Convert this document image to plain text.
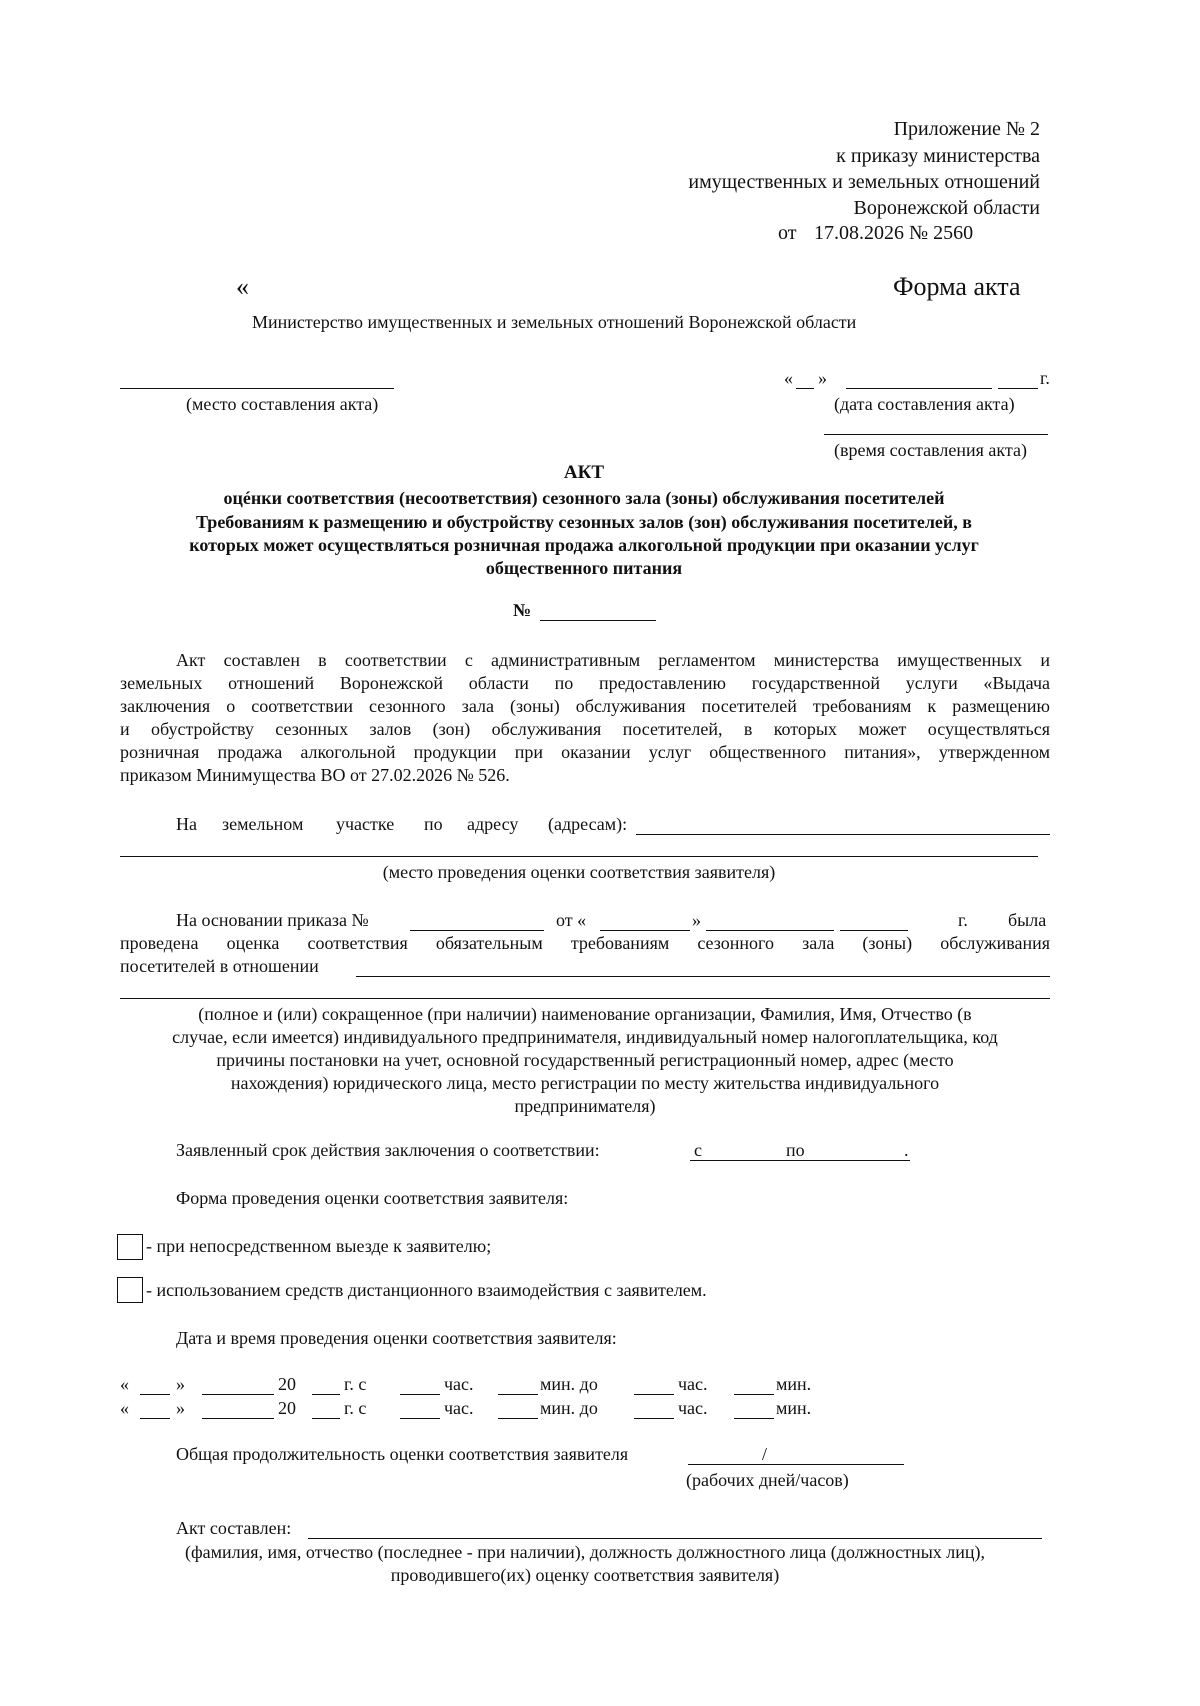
Приложение № 2
к приказу министерства
имущественных и земельных отношений
Воронежской области
от 17.08.2026 № 2560
«	Форма акта
Министерство имущественных и земельных отношений Воронежской области
(место составления акта)
« »	г.
(дата составления акта)
(время составления акта)
АКТ
оцéнки соответствия (несоответствия) сезонного зала (зоны) обслуживания посетителей
Требованиям к размещению и обустройству сезонных залов (зон) обслуживания посетителей, в
которых может осуществляться розничная продажа алкогольной продукции при оказании услуг
общественного питания
№
Акт составлен в соответствии с административным регламентом министерства имущественных и
земельных отношений Воронежской области по предоставлению государственной услуги «Выдача
заключения о соответствии сезонного зала (зоны) обслуживания посетителей требованиям к размещению
и обустройству сезонных залов (зон) обслуживания посетителей, в которых может осуществляться
розничная продажа алкогольной продукции при оказании услуг общественного питания», утвержденном
приказом Минимущества ВО от 27.02.2026 № 526.
На земельном участке по адресу (адресам):
(место проведения оценки соответствия заявителя)
На основании приказа №	от «	»	г. была
проведена оценка соответствия обязательным требованиям сезонного зала (зоны) обслуживания
посетителей в отношении
(полное и (или) сокращенное (при наличии) наименование организации, Фамилия, Имя, Отчество (в
случае, если имеется) индивидуального предпринимателя, индивидуальный номер налогоплательщика, код
причины постановки на учет, основной государственный регистрационный номер, адрес (место
нахождения) юридического лица, место регистрации по месту жительства индивидуального
предпринимателя)
Заявленный срок действия заключения о соответствии:	с	по	.
Форма проведения оценки соответствия заявителя:
- при непосредственном выезде к заявителю;
- использованием средств дистанционного взаимодействия с заявителем.
Дата и время проведения оценки соответствия заявителя:
«	»	20	г. с	час.	мин. до	час.	мин.
«	»	20	г. с	час.	мин. до	час.	мин.
Общая продолжительность оценки соответствия заявителя	/
(рабочих дней/часов)
Акт составлен:
(фамилия, имя, отчество (последнее - при наличии), должность должностного лица (должностных лиц),
проводившего(их) оценку соответствия заявителя)
